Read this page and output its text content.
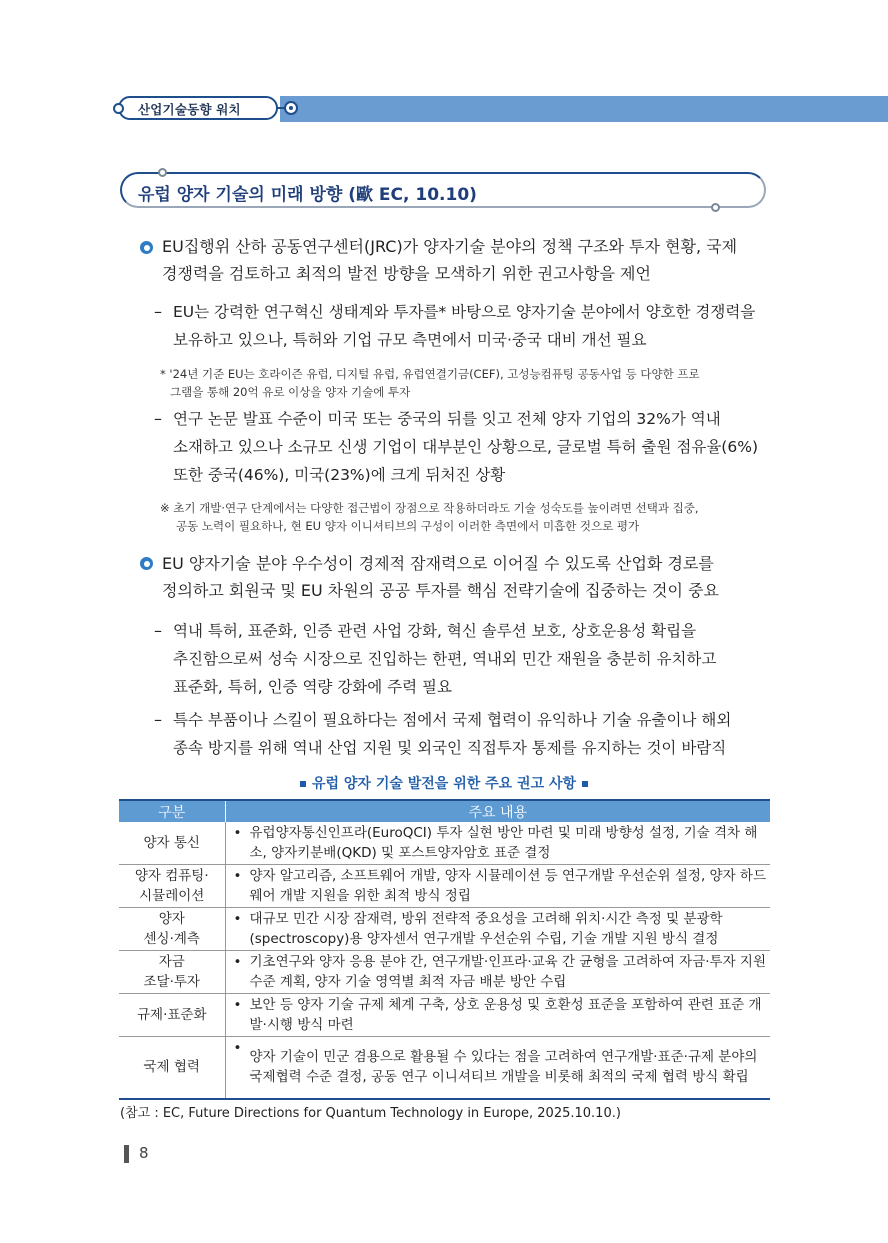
산업기술동향 워치
유럽 양자 기술의 미래 방향 (歐 EC, 10.10)
EU집행위 산하 공동연구센터(JRC)가 양자기술 분야의 정책 구조와 투자 현황, 국제
경쟁력을 검토하고 최적의 발전 방향을 모색하기 위한 권고사항을 제언
– EU는 강력한 연구혁신 생태계와 투자를* 바탕으로 양자기술 분야에서 양호한 경쟁력을
보유하고 있으나, 특허와 기업 규모 측면에서 미국·중국 대비 개선 필요
* '24년 기준 EU는 호라이즌 유럽, 디지털 유럽, 유럽연결기금(CEF), 고성능컴퓨팅 공동사업 등 다양한 프로
그램을 통해 20억 유로 이상을 양자 기술에 투자
– 연구 논문 발표 수준이 미국 또는 중국의 뒤를 잇고 전체 양자 기업의 32%가 역내
소재하고 있으나 소규모 신생 기업이 대부분인 상황으로, 글로벌 특허 출원 점유율(6%)
또한 중국(46%), 미국(23%)에 크게 뒤처진 상황
※ 초기 개발·연구 단계에서는 다양한 접근법이 장점으로 작용하더라도 기술 성숙도를 높이려면 선택과 집중,
공동 노력이 필요하나, 현 EU 양자 이니셔티브의 구성이 이러한 측면에서 미흡한 것으로 평가
EU 양자기술 분야 우수성이 경제적 잠재력으로 이어질 수 있도록 산업화 경로를
정의하고 회원국 및 EU 차원의 공공 투자를 핵심 전략기술에 집중하는 것이 중요
– 역내 특허, 표준화, 인증 관련 사업 강화, 혁신 솔루션 보호, 상호운용성 확립을
추진함으로써 성숙 시장으로 진입하는 한편, 역내외 민간 재원을 충분히 유치하고
표준화, 특허, 인증 역량 강화에 주력 필요
– 특수 부품이나 스킬이 필요하다는 점에서 국제 협력이 유익하나 기술 유출이나 해외
종속 방지를 위해 역내 산업 지원 및 외국인 직접투자 통제를 유지하는 것이 바람직
유럽 양자 기술 발전을 위한 주요 권고 사항
구분	주요 내용
양자 통신	• 유럽양자통신인프라(EuroQCI) 투자 실현 방안 마련 및 미래 방향성 설정, 기술 격차 해소, 양자키분배(QKD) 및 포스트양자암호 표준 결정
양자 컴퓨팅·
시뮬레이션	• 양자 알고리즘, 소프트웨어 개발, 양자 시뮬레이션 등 연구개발 우선순위 설정, 양자 하드웨어 개발 지원을 위한 최적 방식 정립
양자
센싱·계측	• 대규모 민간 시장 잠재력, 방위 전략적 중요성을 고려해 위치·시간 측정 및 분광학(spectroscopy)용 양자센서 연구개발 우선순위 수립, 기술 개발 지원 방식 결정
자금
조달·투자	• 기초연구와 양자 응용 분야 간, 연구개발·인프라·교육 간 균형을 고려하여 자금·투자 지원 수준 계획, 양자 기술 영역별 최적 자금 배분 방안 수립
규제·표준화	• 보안 등 양자 기술 규제 체계 구축, 상호 운용성 및 호환성 표준을 포함하여 관련 표준 개발·시행 방식 마련
국제 협력	•
양자 기술이 민군 겸용으로 활용될 수 있다는 점을 고려하여 연구개발·표준·규제 분야의 국제협력 수준 결정, 공동 연구 이니셔티브 개발을 비롯해 최적의 국제 협력 방식 확립
(참고 : EC, Future Directions for Quantum Technology in Europe, 2025.10.10.)
8
